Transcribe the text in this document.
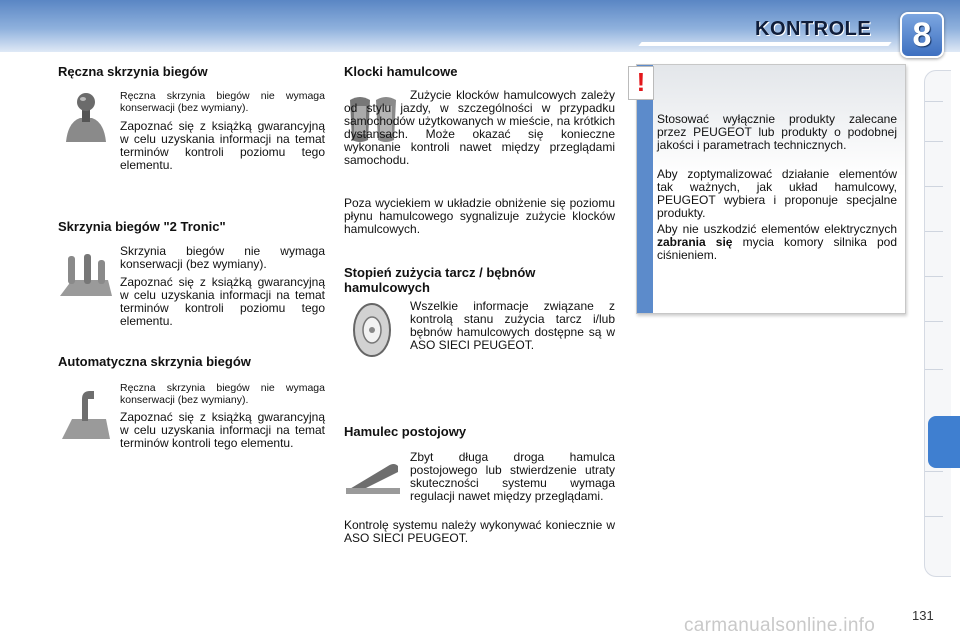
KONTROLE	8
Ręczna skrzynia biegów

Ręczna skrzynia biegów nie wymaga konserwacji (bez wymiany).

Zapoznać się z książką gwarancyjną w celu uzyskania informacji na temat terminów kontroli poziomu tego elementu.

Skrzynia biegów "2 Tronic"

Skrzynia biegów nie wymaga konserwacji (bez wymiany).

Zapoznać się z książką gwarancyjną w celu uzyskania informacji na temat terminów kontroli poziomu tego elementu.

Automatyczna skrzynia biegów

Ręczna skrzynia biegów nie wymaga konserwacji (bez wymiany).

Zapoznać się z książką gwarancyjną w celu uzyskania informacji na temat terminów kontroli tego elementu.

Klocki hamulcowe

Zużycie klocków hamulcowych zależy od stylu jazdy, w szczególności w przypadku samochodów użytkowanych w mieście, na krótkich dystansach. Może okazać się konieczne wykonanie kontroli nawet między przeglądami samochodu.

Poza wyciekiem w układzie obniżenie się poziomu płynu hamulcowego sygnalizuje zużycie klocków hamulcowych.

Stopień zużycia tarcz / bębnów hamulcowych

Wszelkie informacje związane z kontrolą stanu zużycia tarcz i/lub bębnów hamulcowych dostępne są w ASO SIECI PEUGEOT.

Hamulec postojowy

Zbyt długa droga hamulca postojowego lub stwierdzenie utraty skuteczności systemu wymaga regulacji nawet między przeglądami.

Kontrolę systemu należy wykonywać koniecznie w ASO SIECI PEUGEOT.

!

Stosować wyłącznie produkty zalecane przez PEUGEOT lub produkty o podobnej jakości i parametrach technicznych.

Aby zoptymalizować działanie elementów tak ważnych, jak układ hamulcowy, PEUGEOT wybiera i proponuje specjalne produkty.

Aby nie uszkodzić elementów elektrycznych zabrania się mycia komory silnika pod ciśnieniem.

carmanualsonline.info	131
